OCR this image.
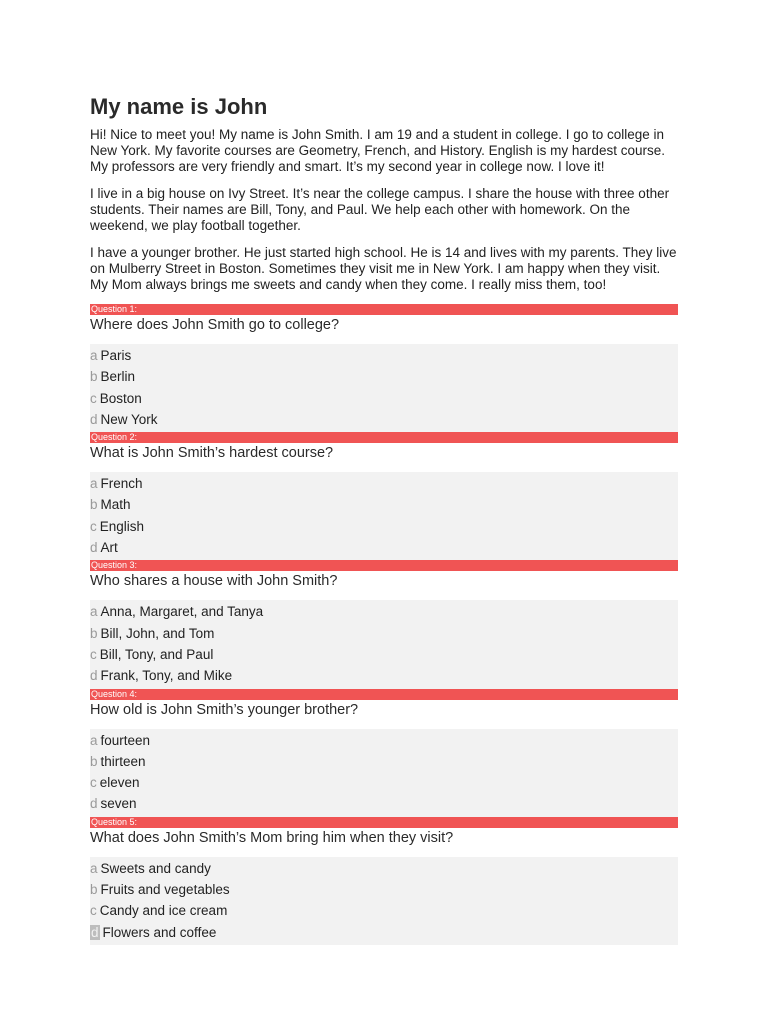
My name is John

Hi! Nice to meet you! My name is John Smith. I am 19 and a student in college. I go to college in New York. My favorite courses are Geometry, French, and History. English is my hardest course. My professors are very friendly and smart. It’s my second year in college now. I love it!

I live in a big house on Ivy Street. It’s near the college campus. I share the house with three other students. Their names are Bill, Tony, and Paul. We help each other with homework. On the weekend, we play football together.

I have a younger brother. He just started high school. He is 14 and lives with my parents. They live on Mulberry Street in Boston. Sometimes they visit me in New York. I am happy when they visit. My Mom always brings me sweets and candy when they come. I really miss them, too!

Question 1:
Where does John Smith go to college?
a Paris
b Berlin
c Boston
d New York
Question 2:
What is John Smith’s hardest course?
a French
b Math
c English
d Art
Question 3:
Who shares a house with John Smith?
a Anna, Margaret, and Tanya
b Bill, John, and Tom
c Bill, Tony, and Paul
d Frank, Tony, and Mike
Question 4:
How old is John Smith’s younger brother?
a fourteen
b thirteen
c eleven
d seven
Question 5:
What does John Smith’s Mom bring him when they visit?
a Sweets and candy
b Fruits and vegetables
c Candy and ice cream
d Flowers and coffee
